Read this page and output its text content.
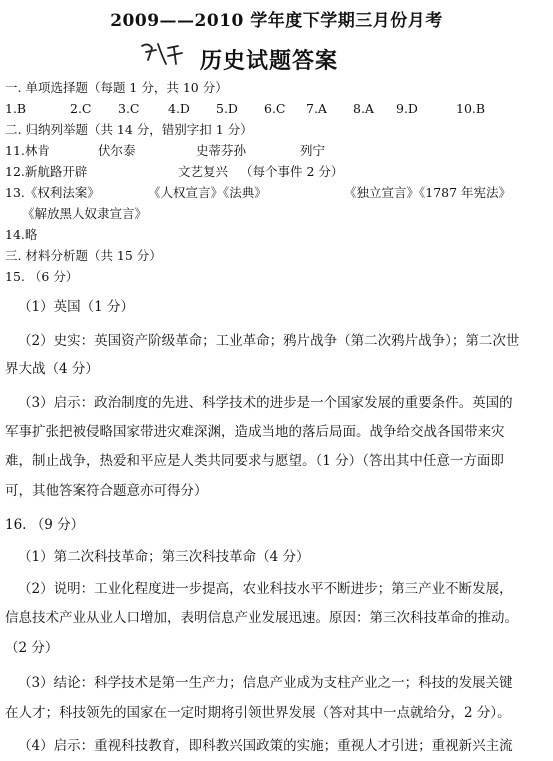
2009——2010 学年度下学期三月份月考
历史试题答案
一. 单项选择题（每题 1 分，共 10 分）
1.B	2.C 3.C 4.D 5.D 6.C 7.A 8.A 9.D	10.B
二. 归纳列举题（共 14 分，错别字扣 1 分）
11.林肯	伏尔泰	史蒂芬孙	列宁
12.新航路开辟	文艺复兴 （每个事件 2 分）
13.《权利法案》	《人权宣言》《法典》	《独立宣言》《1787 年宪法》
《解放黑人奴隶宣言》
14.略
三. 材料分析题（共 15 分）
15. （6 分）
（1）英国（1 分）
（2）史实：英国资产阶级革命；工业革命；鸦片战争（第二次鸦片战争）；第二次世
界大战（4 分）
（3）启示：政治制度的先进、科学技术的进步是一个国家发展的重要条件。英国的
军事扩张把被侵略国家带进灾难深渊，造成当地的落后局面。战争给交战各国带来灾
难，制止战争，热爱和平应是人类共同要求与愿望。（1 分）（答出其中任意一方面即
可，其他答案符合题意亦可得分）
16. （9 分）
（1）第二次科技革命；第三次科技革命（4 分）
（2）说明：工业化程度进一步提高，农业科技水平不断进步；第三产业不断发展，
信息技术产业从业人口增加，表明信息产业发展迅速。原因：第三次科技革命的推动。
（2 分）
（3）结论：科学技术是第一生产力；信息产业成为支柱产业之一；科技的发展关键
在人才；科技领先的国家在一定时期将引领世界发展（答对其中一点就给分，2 分）。
（4）启示：重视科技教育，即科教兴国政策的实施；重视人才引进；重视新兴主流
